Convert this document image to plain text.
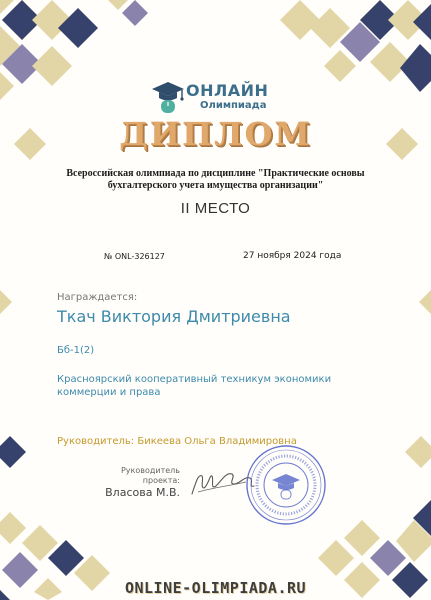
ОНЛАЙН
Олимпиада
ДИПЛОМ
Всероссийская олимпиада по дисциплине "Практические основы бухгалтерского учета имущества организации"
II МЕСТО
№ ONL-326127	27 ноября 2024 года
Награждается:
Ткач Виктория Дмитриевна
Бб-1(2)
Красноярский кооперативный техникум экономики коммерции и права
Руководитель: Бикеева Ольга Владимировна
Руководитель проекта:
Власова М.В.
ONLINE-OLIMPIADA.RU
